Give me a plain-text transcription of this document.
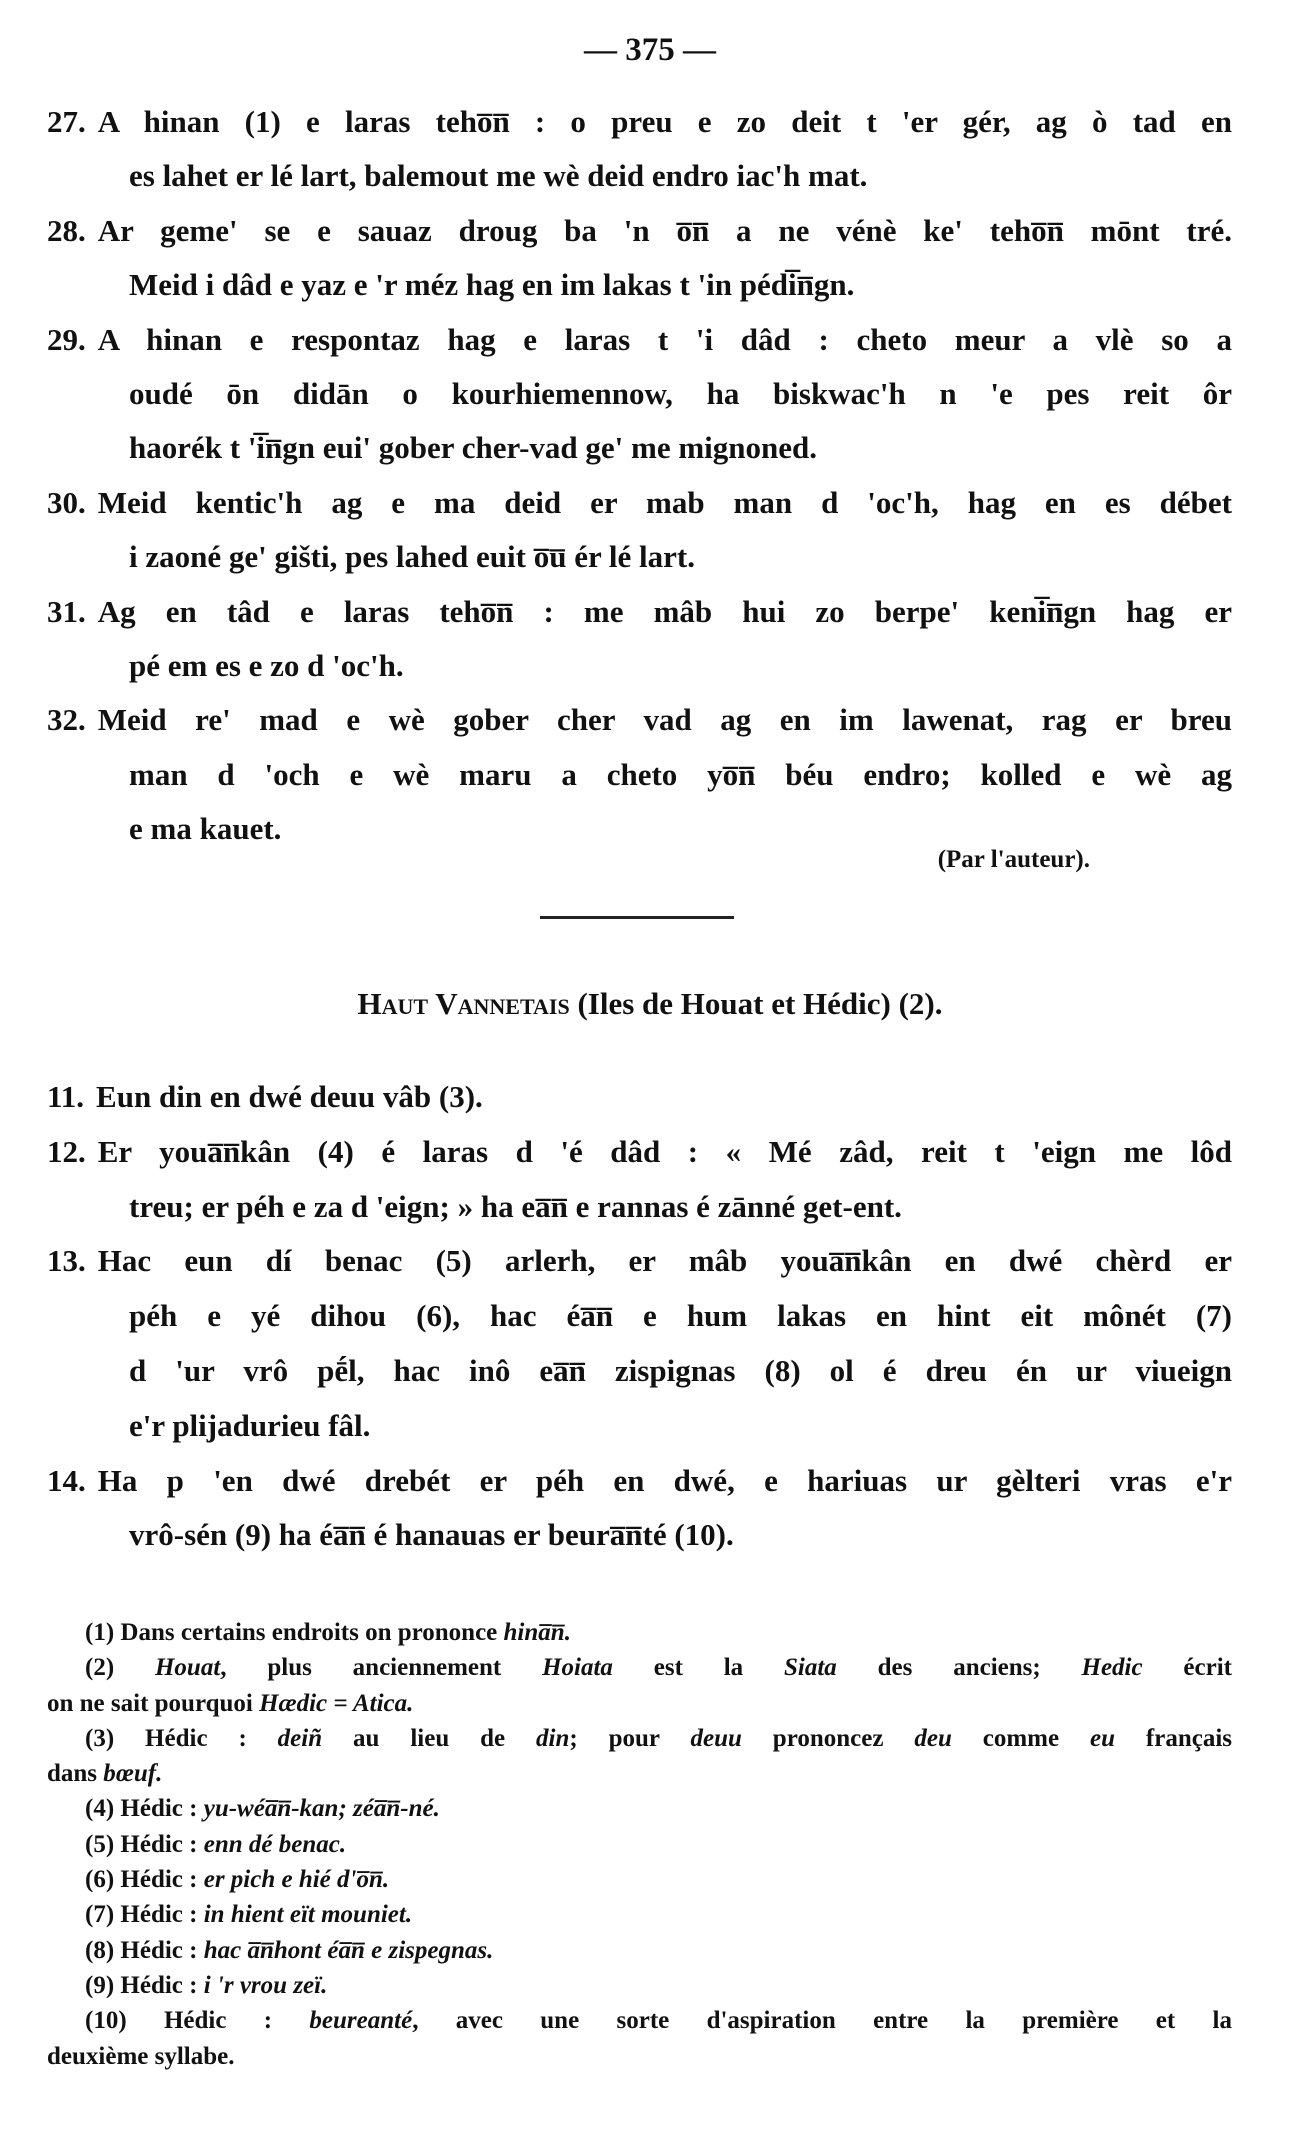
— 375 —
27. A hinan (1) e laras teho̅n̅ : o preu e zo deit t 'er gér, ag ò tad en
es lahet er lé lart, balemout me wè deid endro iac'h mat.
28. Ar geme' se e sauaz droug ba 'n o̅n̅ a ne vénè ke' teho̅n̅ mōnt tré.
Meid i dâd e yaz e 'r méz hag en im lakas t 'in pédi̅n̅gn.
29. A hinan e respontaz hag e laras t 'i dâd : cheto meur a vlè so a
oudé ōn didān o kourhiemennow, ha biskwac'h n 'e pes reit ôr
haorék t 'i̅n̅gn eui' gober cher-vad ge' me mignoned.
30. Meid kentic'h ag e ma deid er mab man d 'oc'h, hag en es débet
i zaoné ge' gišti, pes lahed euit o̅u̅ ér lé lart.
31. Ag en tâd e laras teho̅n̅ : me mâb hui zo berpe' keni̅n̅gn hag er
pé em es e zo d 'oc'h.
32. Meid re' mad e wè gober cher vad ag en im lawenat, rag er breu
man d 'och e wè maru a cheto yo̅n̅ béu endro; kolled e wè ag
e ma kauet.
(Par l'auteur).
Haut Vannetais (Iles de Houat et Hédic) (2).
11. Eun din en dwé deuu vâb (3).
12. Er youa̅n̅kân (4) é laras d 'é dâd : « Mé zâd, reit t 'eign me lôd
treu; er péh e za d 'eign; » ha ea̅n̅ e rannas é zānné get-ent.
13. Hac eun dí benac (5) arlerh, er mâb youa̅n̅kân en dwé chèrd er
péh e yé dihou (6), hac éa̅n̅ e hum lakas en hint eit mônét (7)
d 'ur vrô pḗl, hac inô ea̅n̅ zispignas (8) ol é dreu én ur viueign
e'r plijadurieu fâl.
14. Ha p 'en dwé drebét er péh en dwé, e hariuas ur gèlteri vras e'r
vrô-sén (9) ha éa̅n̅ é hanauas er beura̅n̅té (10).
(1) Dans certains endroits on prononce hina̅n̅.
(2) Houat, plus anciennement Hoiata est la Siata des anciens; Hedic écrit
on ne sait pourquoi Hædic = Atica.
(3) Hédic : deiñ au lieu de din; pour deuu prononcez deu comme eu français
dans bœuf.
(4) Hédic : yu-wéa̅n̅-kan; zéa̅n̅-né.
(5) Hédic : enn dé benac.
(6) Hédic : er pich e hié d'o̅n̅.
(7) Hédic : in hient eït mouniet.
(8) Hédic : hac a̅n̅hont éa̅n̅ e zispegnas.
(9) Hédic : i 'r vrou zeï.
(10) Hédic : beureanté, avec une sorte d'aspiration entre la première et la
deuxième syllabe.
